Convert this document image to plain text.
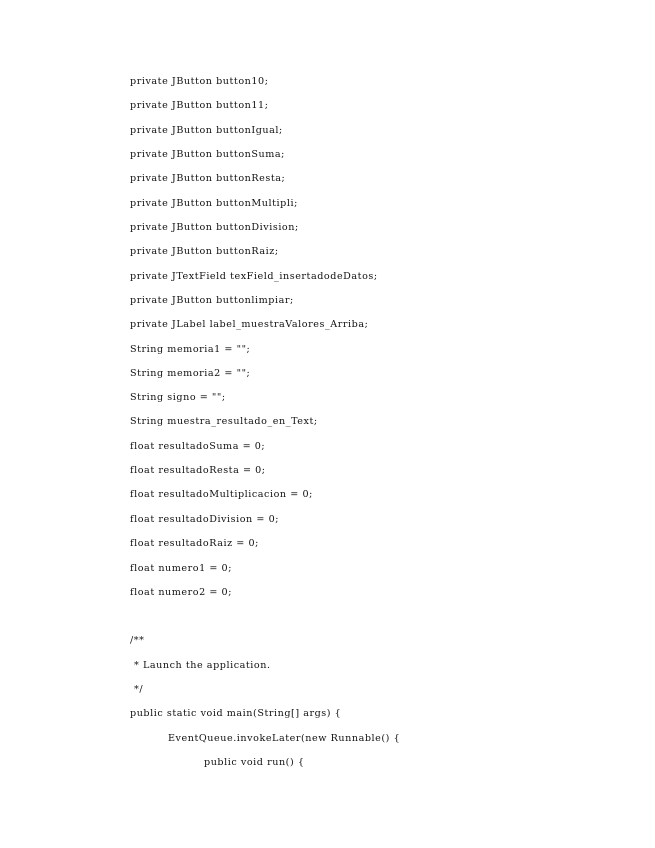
private JButton button10;
private JButton button11;
private JButton buttonIgual;
private JButton buttonSuma;
private JButton buttonResta;
private JButton buttonMultipli;
private JButton buttonDivision;
private JButton buttonRaiz;
private JTextField texField_insertadodeDatos;
private JButton buttonlimpiar;
private JLabel label_muestraValores_Arriba;
String memoria1 = "";
String memoria2 = "";
String signo = "";
String muestra_resultado_en_Text;
float resultadoSuma = 0;
float resultadoResta = 0;
float resultadoMultiplicacion = 0;
float resultadoDivision = 0;
float resultadoRaiz = 0;
float numero1 = 0;
float numero2 = 0;
/**
* Launch the application.
*/
public static void main(String[] args) {
EventQueue.invokeLater(new Runnable() {
public void run() {
